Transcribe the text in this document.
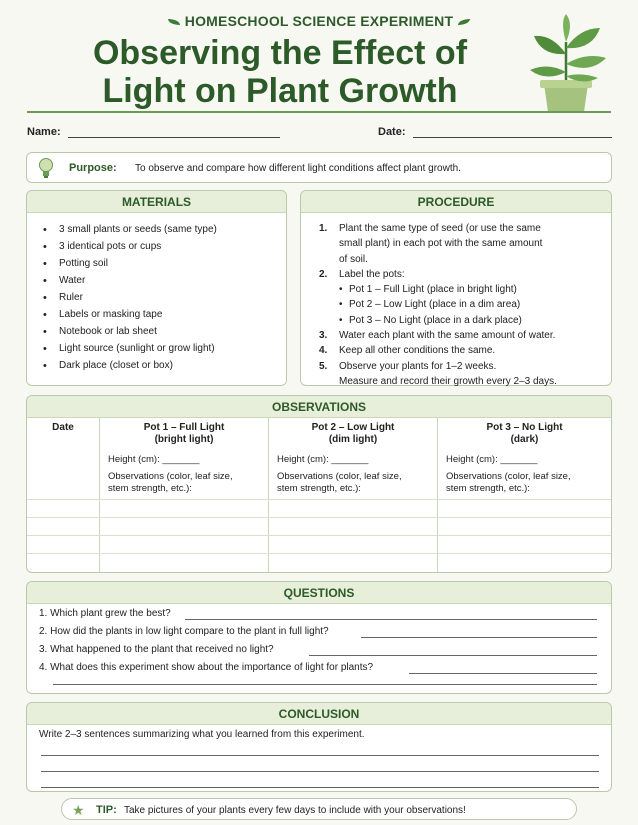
HOMESCHOOL SCIENCE EXPERIMENT
Observing the Effect of
Light on Plant Growth
Name:	Date:
Purpose: To observe and compare how different light conditions affect plant growth.
MATERIALS
• 3 small plants or seeds (same type)
• 3 identical pots or cups
• Potting soil
• Water
• Ruler
• Labels or masking tape
• Notebook or lab sheet
• Light source (sunlight or grow light)
• Dark place (closet or box)
PROCEDURE
1. Plant the same type of seed (or use the same
small plant) in each pot with the same amount
of soil.
2. Label the pots:
• Pot 1 – Full Light (place in bright light)
• Pot 2 – Low Light (place in a dim area)
• Pot 3 – No Light (place in a dark place)
3. Water each plant with the same amount of water.
4. Keep all other conditions the same.
5. Observe your plants for 1–2 weeks.
Measure and record their growth every 2–3 days.
OBSERVATIONS
Date	Pot 1 – Full Light
(bright light)
Height (cm): _______
Observations (color, leaf size,
stem strength, etc.):
Pot 2 – Low Light
(dim light)
Height (cm): _______
Observations (color, leaf size,
stem strength, etc.):
Pot 3 – No Light
(dark)
Height (cm): _______
Observations (color, leaf size,
stem strength, etc.):
QUESTIONS
1. Which plant grew the best?
2. How did the plants in low light compare to the plant in full light?
3. What happened to the plant that received no light?
4. What does this experiment show about the importance of light for plants?
CONCLUSION
Write 2–3 sentences summarizing what you learned from this experiment.
★ TIP: Take pictures of your plants every few days to include with your observations!
